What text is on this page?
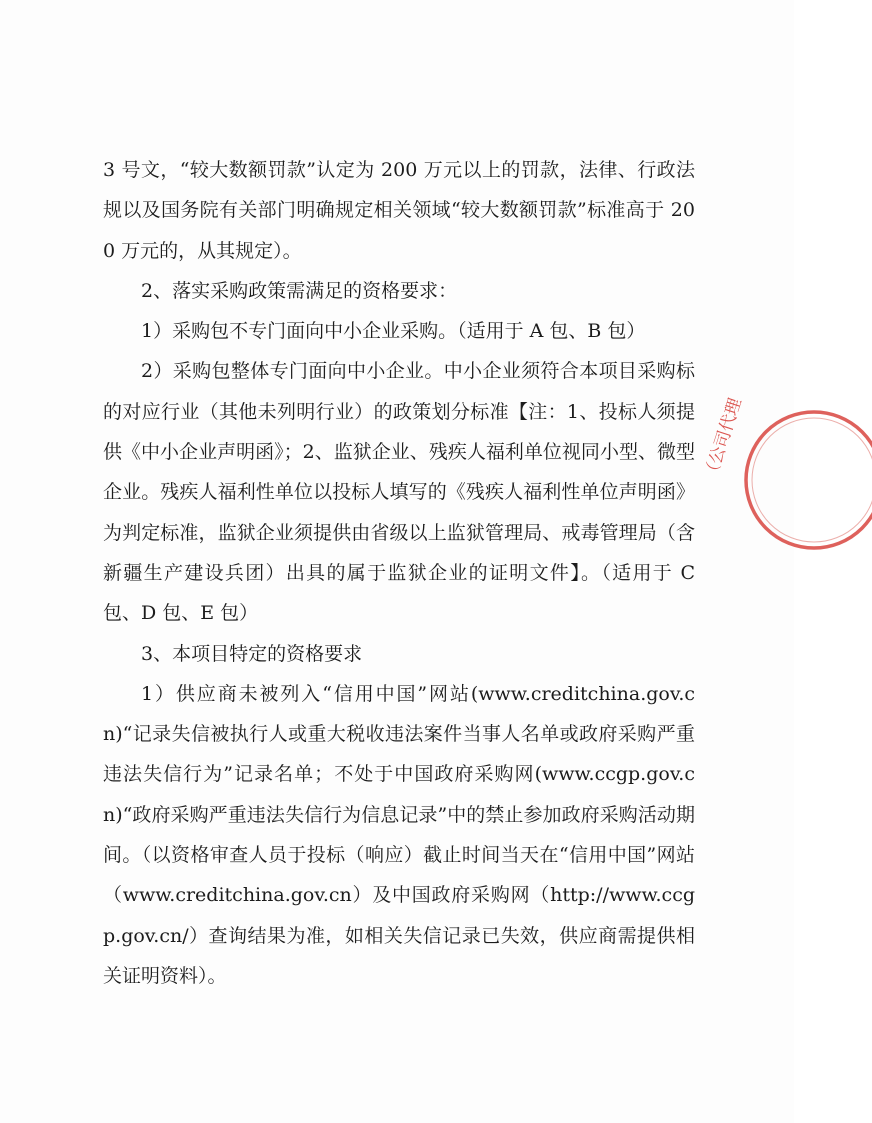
3 号文，“较大数额罚款”认定为 200 万元以上的罚款，法律、行政法规以及国务院有关部门明确规定相关领域“较大数额罚款”标准高于 200 万元的，从其规定）。

2、落实采购政策需满足的资格要求：

1）采购包不专门面向中小企业采购。（适用于 A 包、B 包）

2）采购包整体专门面向中小企业。中小企业须符合本项目采购标的对应行业（其他未列明行业）的政策划分标准【注：1、投标人须提供《中小企业声明函》；2、监狱企业、残疾人福利单位视同小型、微型企业。残疾人福利性单位以投标人填写的《残疾人福利性单位声明函》为判定标准，监狱企业须提供由省级以上监狱管理局、戒毒管理局（含新疆生产建设兵团）出具的属于监狱企业的证明文件】。（适用于 C 包、D 包、E 包）

3、本项目特定的资格要求

1）供应商未被列入“信用中国”网站(www.creditchina.gov.cn)“记录失信被执行人或重大税收违法案件当事人名单或政府采购严重违法失信行为”记录名单；不处于中国政府采购网(www.ccgp.gov.cn)“政府采购严重违法失信行为信息记录”中的禁止参加政府采购活动期间。（以资格审查人员于投标（响应）截止时间当天在“信用中国”网站（www.creditchina.gov.cn）及中国政府采购网（http://www.ccgp.gov.cn/）查询结果为准，如相关失信记录已失效，供应商需提供相关证明资料）。

（公司代理
